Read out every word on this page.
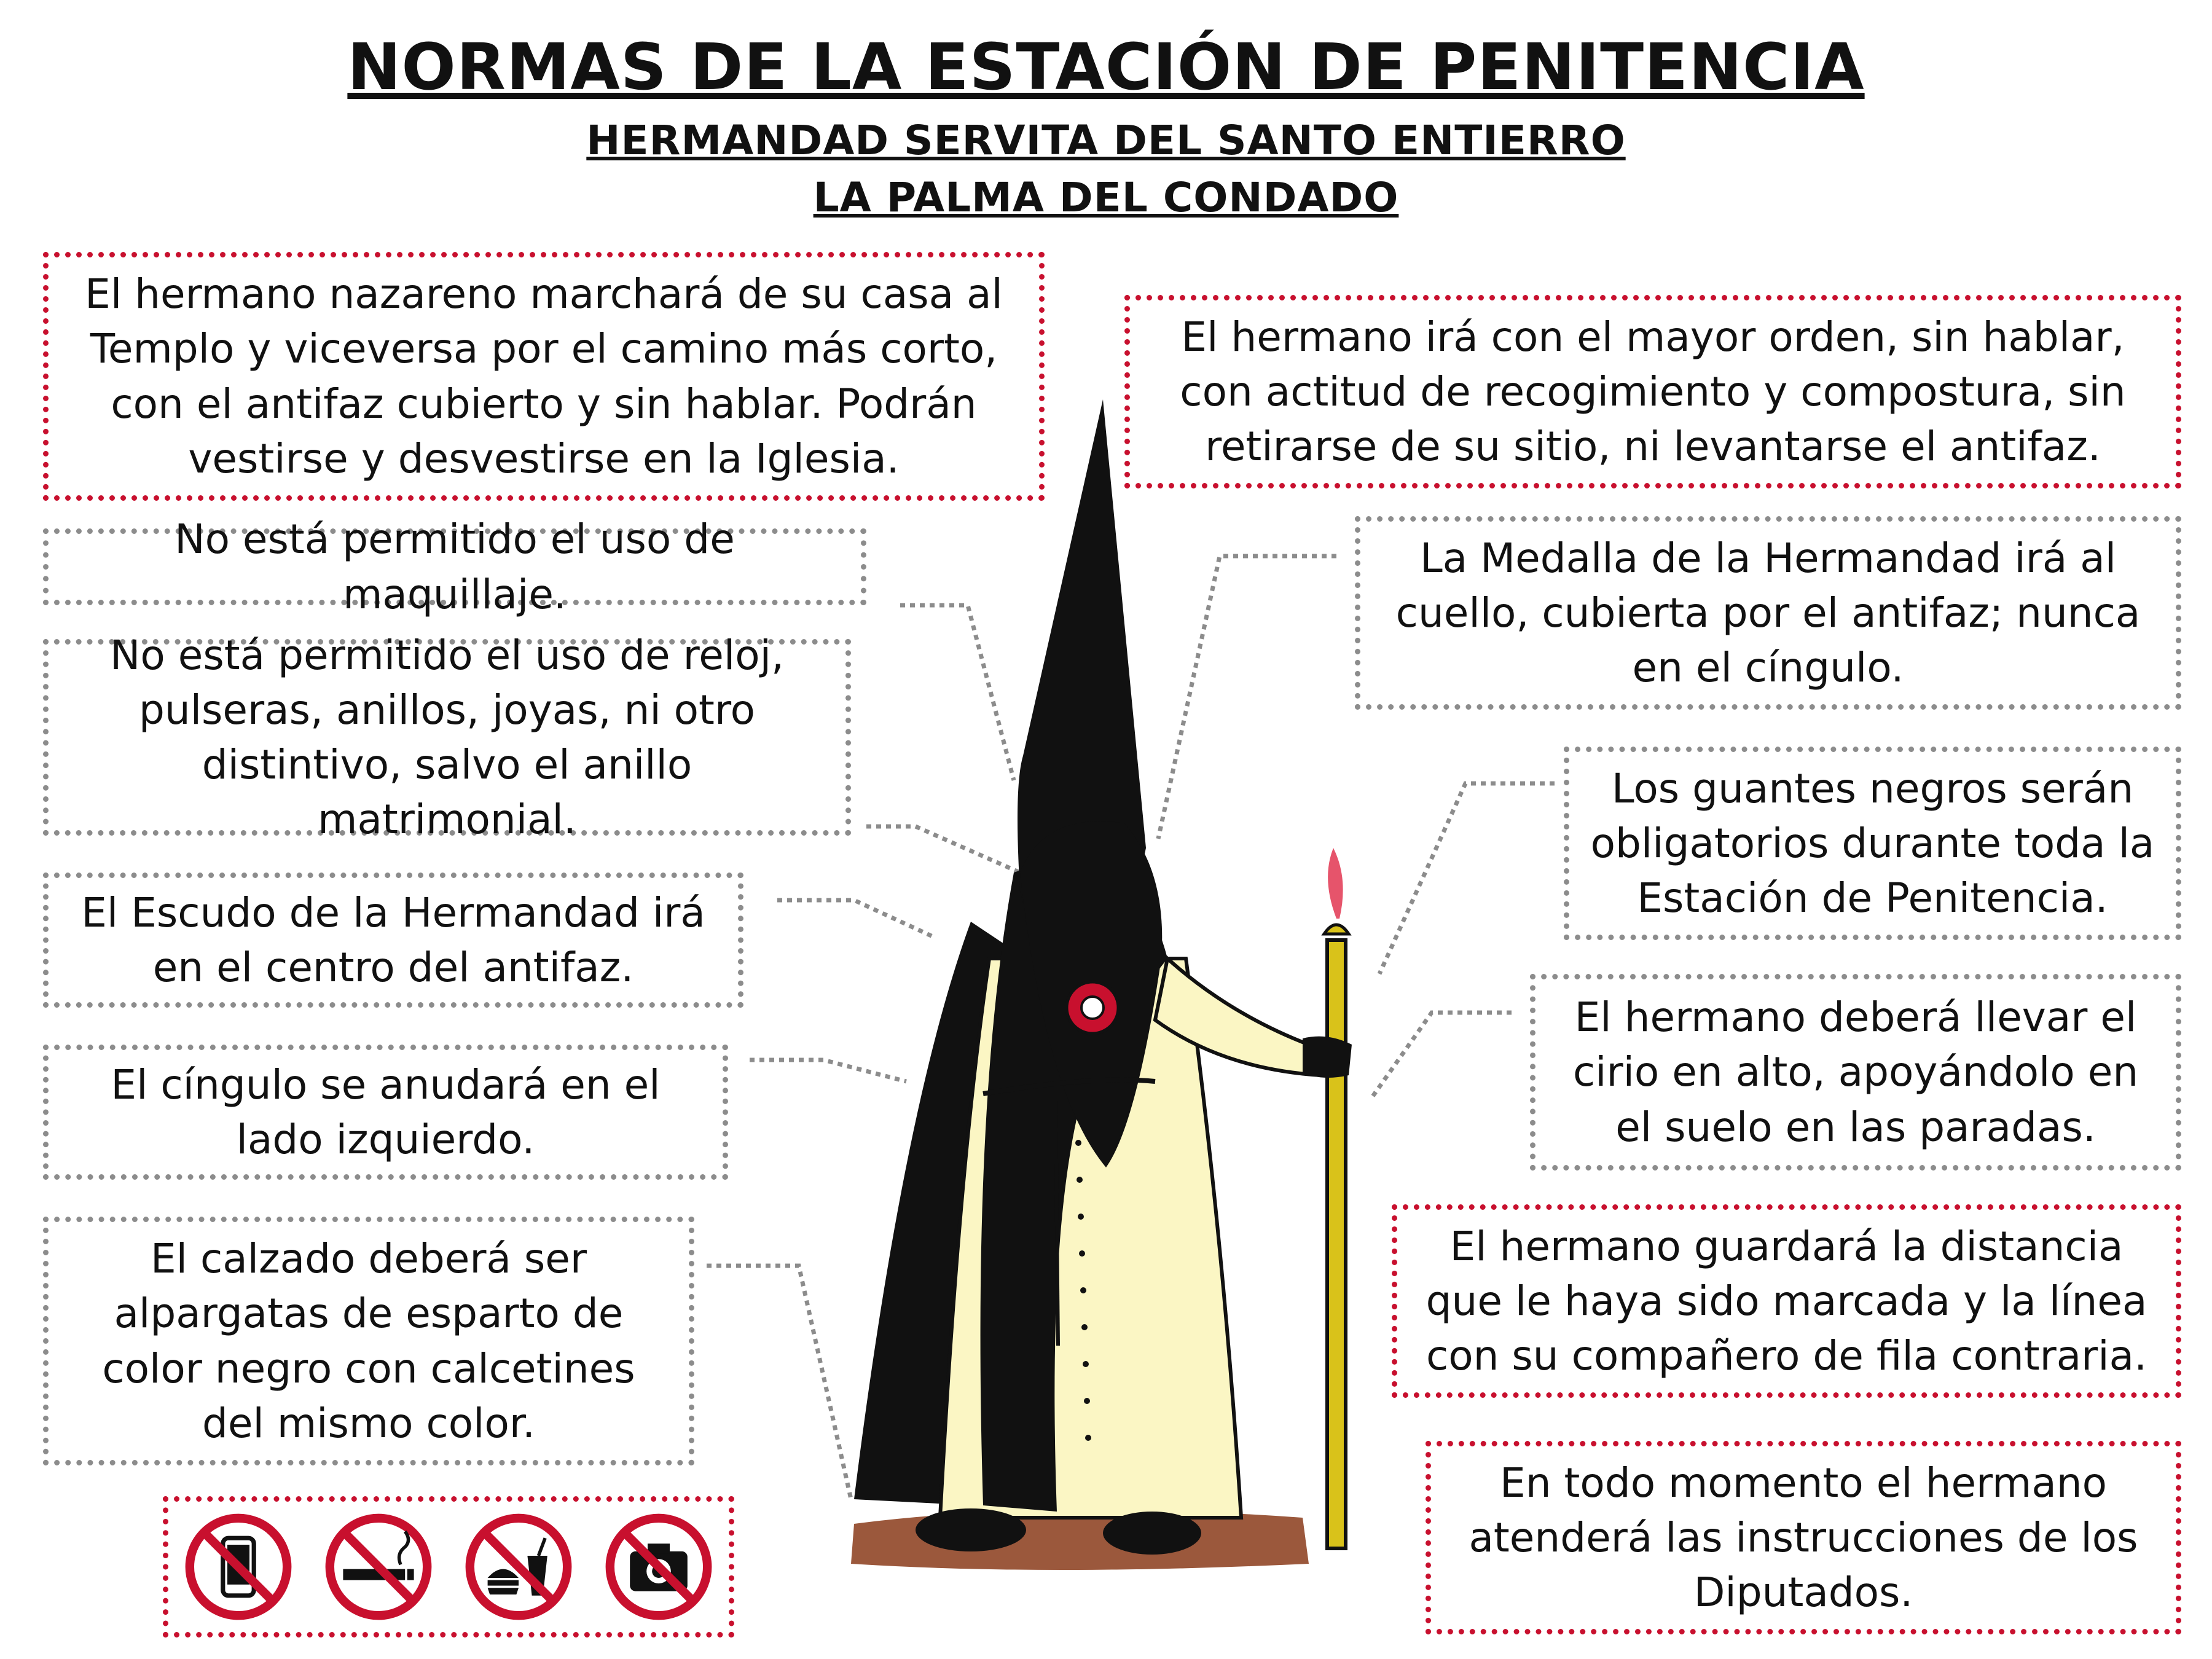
NORMAS DE LA ESTACIÓN DE PENITENCIA
HERMANDAD SERVITA DEL SANTO ENTIERRO
LA PALMA DEL CONDADO
El hermano nazareno marchará de su casa al Templo y viceversa por el camino más corto, con el antifaz cubierto y sin hablar. Podrán vestirse y desvestirse en la Iglesia.
No está permitido el uso de maquillaje.
No está permitido el uso de reloj, pulseras, anillos, joyas, ni otro distintivo, salvo el anillo matrimonial.
El Escudo de la Hermandad irá en el centro del antifaz.
El cíngulo se anudará en el lado izquierdo.
El calzado deberá ser alpargatas de esparto de color negro con calcetines del mismo color.
El hermano irá con el mayor orden, sin hablar, con actitud de recogimiento y compostura, sin retirarse de su sitio, ni levantarse el antifaz.
La Medalla de la Hermandad irá al cuello, cubierta por el antifaz; nunca en el cíngulo.
Los guantes negros serán obligatorios durante toda la Estación de Penitencia.
El hermano deberá llevar el cirio en alto, apoyándolo en el suelo en las paradas.
El hermano guardará la distancia que le haya sido marcada y la línea con su compañero de fila contraria.
En todo momento el hermano atenderá las instrucciones de los Diputados.
